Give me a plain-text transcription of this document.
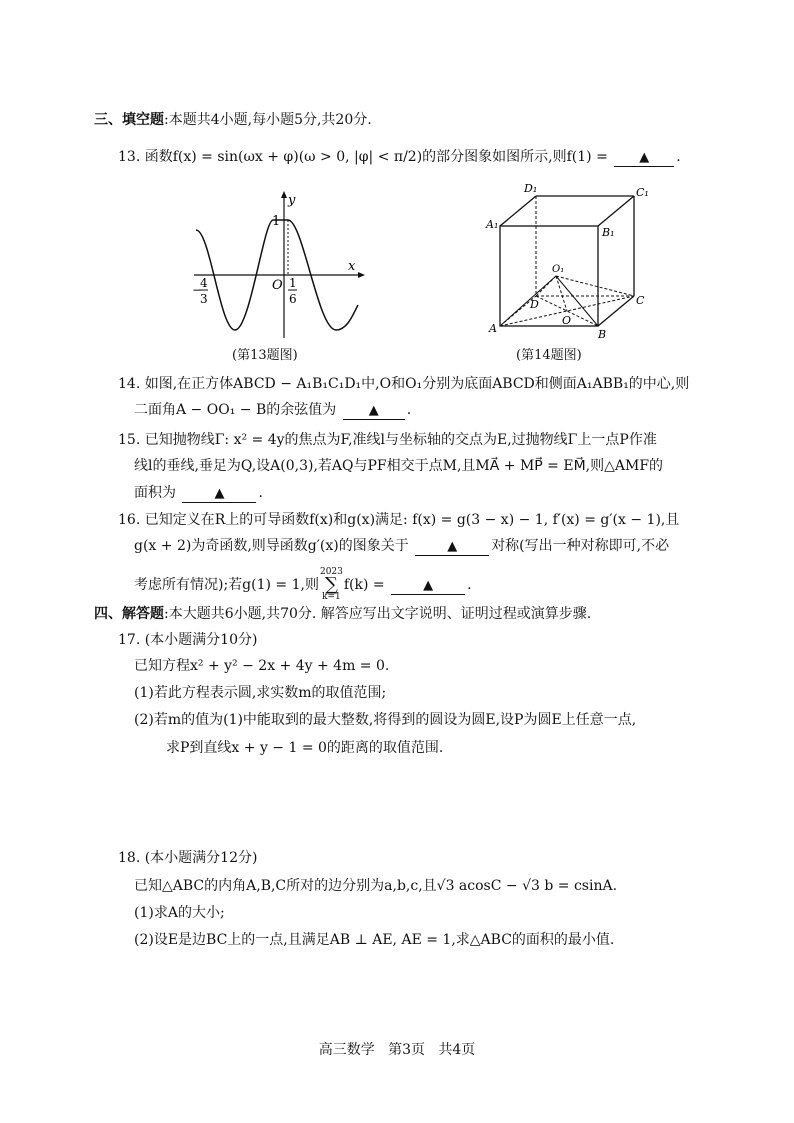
三、填空题:本题共4小题,每小题5分,共20分.
13. 函数f(x) = sin(ωx + φ)(ω > 0, |φ| < π/2)的部分图象如图所示,则f(1) = ▲ .
y
x
1
O
−
4
3
1
6
(第13题图)
D₁	C₁
A₁
B₁
O₁
D	C
O
A	B
(第14题图)
14. 如图,在正方体ABCD − A₁B₁C₁D₁中,O和O₁分别为底面ABCD和侧面A₁ABB₁的中心,则
二面角A − OO₁ − B的余弦值为 ▲ .
15. 已知抛物线Γ: x² = 4y的焦点为F,准线l与坐标轴的交点为E,过抛物线Γ上一点P作准
线l的垂线,垂足为Q,设A(0,3),若AQ与PF相交于点M,且MA⃗ + MP⃗ = EM⃗,则△AMF的
面积为	▲ .
16. 已知定义在R上的可导函数f(x)和g(x)满足: f(x) = g(3 − x) − 1, f′(x) = g′(x − 1),且
g(x + 2)为奇函数,则导函数g′(x)的图象关于	▲ 对称(写出一种对称即可,不必
考虑所有情况);若g(1) = 1,则
2023
∑
k=1
f(k) =	▲ .
四、解答题:本大题共6小题,共70分. 解答应写出文字说明、证明过程或演算步骤.
17. (本小题满分10分)
已知方程x² + y² − 2x + 4y + 4m = 0.
(1)若此方程表示圆,求实数m的取值范围;
(2)若m的值为(1)中能取到的最大整数,将得到的圆设为圆E,设P为圆E上任意一点,
求P到直线x + y − 1 = 0的距离的取值范围.
18. (本小题满分12分)
已知△ABC的内角A,B,C所对的边分别为a,b,c,且√3 acosC − √3 b = csinA.
(1)求A的大小;
(2)设E是边BC上的一点,且满足AB ⊥ AE, AE = 1,求△ABC的面积的最小值.
高三数学   第3页   共4页
